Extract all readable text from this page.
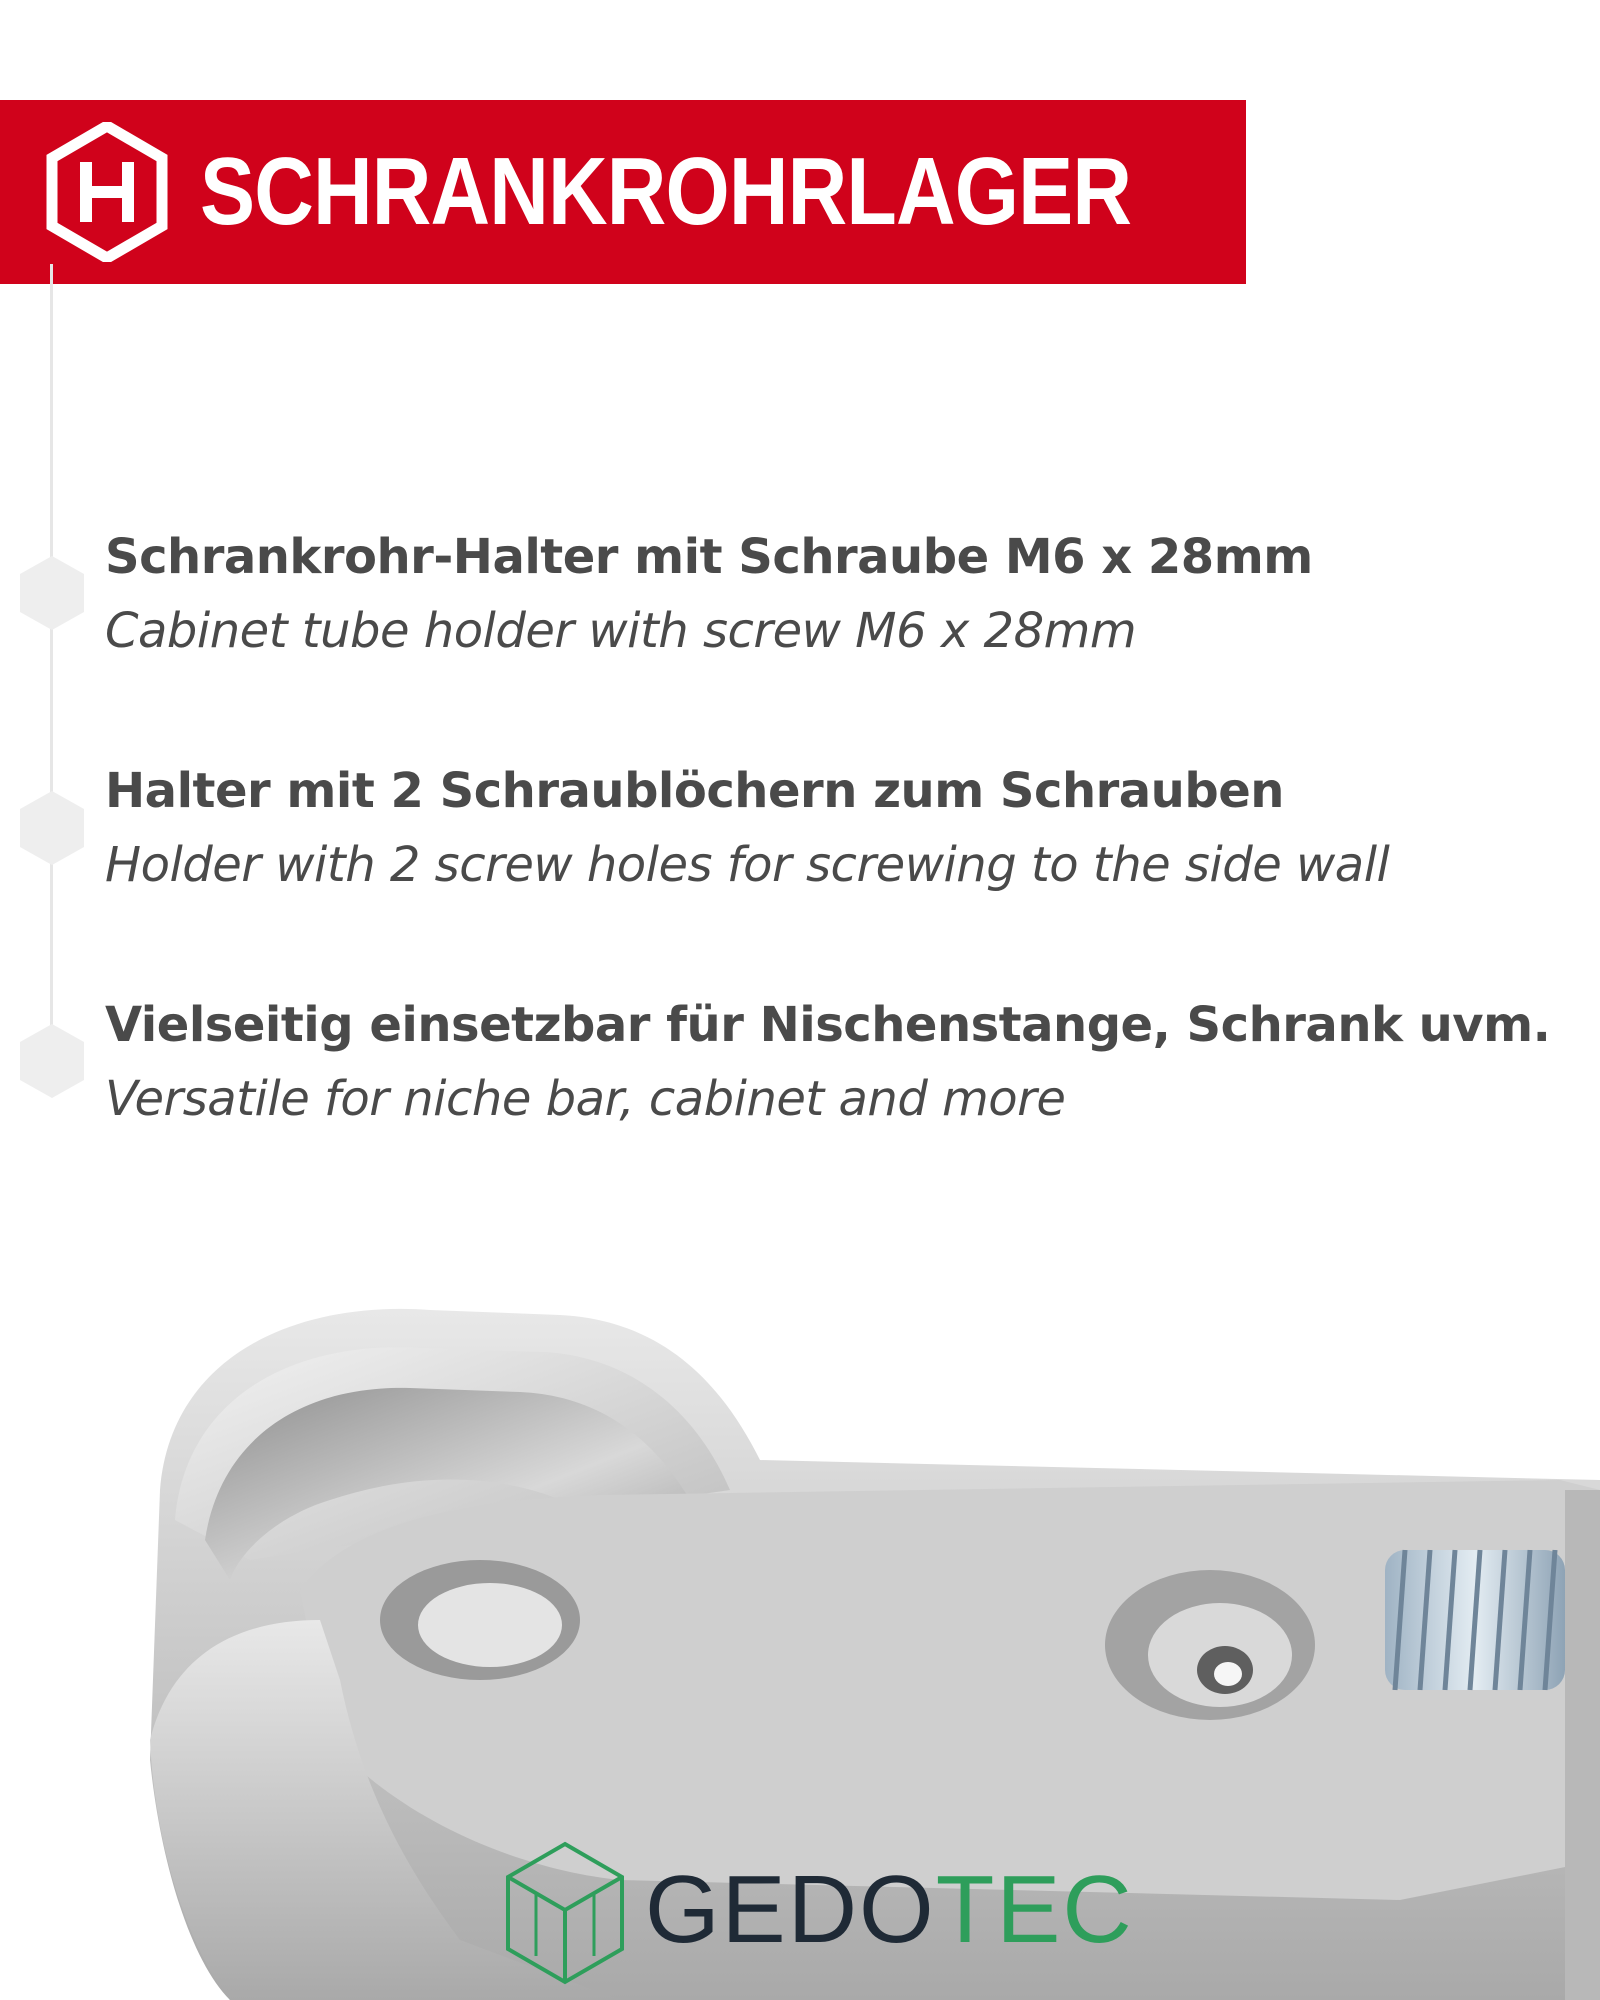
SCHRANKROHRLAGER
Schrankrohr-Halter mit Schraube M6 x 28mm
Cabinet tube holder with screw M6 x 28mm
Halter mit 2 Schraublöchern zum Schrauben
Holder with 2 screw holes for screwing to the side wall
Vielseitig einsetzbar für Nischenstange, Schrank uvm.
Versatile for niche bar, cabinet and more
GEDOTEC
